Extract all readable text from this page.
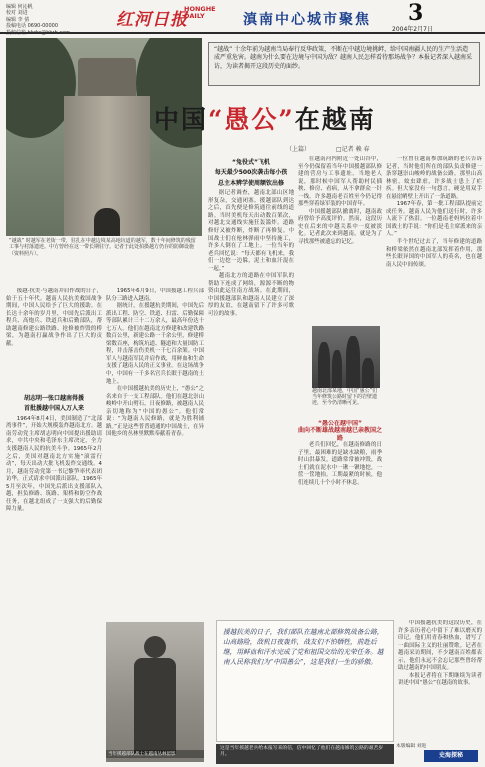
编辑 何沁帆
校对 刘进
编辑 李 倩
投稿电话 0690-00000
投稿信箱 hhdw@hhrb.com
红河日报
HONGHE
DAILY	滇南中心城市聚焦 3
2004年2月7日
“越战” 时越军在老街一带，驻扎在中越边境某高地坑道的越军，数十年间修筑的残留工事与村落遗迹。中方曾经在这一带长期驻守。记者于此处拍摄越方仍存的防御设施（资料照片）。
“越战” 十余年前为越南当局奉行反华政策，不断在中越边境挑衅，给中国南疆人民的生产生活造成严重危害。越南为什么要在边境与中国为敌？越南人民怎样看待那场战争？本报记者深入越南采访，为读者揭开这段历史的面纱。
中国“愚公”在越南
（上篇）	□记者 赖 春

援越·抗美·与越南并肩作战的日子，始于五十年代。越南人民抗美救国战争期间，中国人民给予了巨大的援助。在长达十余年的岁月里，中国先后派出工程兵、高炮兵、铁道兵和后勤部队，帮助越南修建公路铁路、抢修被炸毁的桥梁，为越南打赢战争作出了巨大的贡献。

胡志明一张口越南得援
首批援越中国人万人来

1964年8月4日，美国制造了“北部湾事件”，开始大规模轰炸越南北方。越南劳动党主席胡志明向中国提出援助请求，中共中央和毛泽东主席决定，全力支援越南人民的抗美斗争。1965年2月之后，美国对越南北方实施“滚雷行动”，每天出动大批飞机轰炸交通线。4月，越南劳动党第一书记黎笋率代表团访华，正式请求中国派出部队。1965年5月至次年，中国先后派出支援部队入越，担负修路、筑路、架桥和防空作战任务，在越北组成了一支强大的后勤保障力量。

1965年6月9日，中国援越工程兵部队分三路进入越南。

据统计，在援越抗美期间，中国先后派出工程、防空、铁道、扫雷、后勤保障等部队累计三十二万余人，最高年份达十七万人。他们在越南北方修建和改建铁路数百公里，新建公路一千余公里，修建桥梁数百座，构筑坑道、隧道和大量国防工程，并击落击伤美机一千七百余架。中国军人与越南军民并肩作战，用鲜血和生命支援了越南人民的正义事业。在这场战争中，中国有一千多名官兵长眠于越南的土地上。

在中国援越抗美的历史上，“愚公”之名来自于一支工程部队。他们在越北崇山峻岭中开山劈石，日夜修路，被越南人民亲切地称为“中国的愚公”。他们常说：“为越南人民修路，就是为胜利铺路。”正是这些普普通通的中国战士，在异国他乡的丛林里默默奉献着青春。

“兔役式”飞机
每天最少500次袭击每小孩
总主本辨学使周额钦出修

据记者调查，越南北部山区地形复杂，交通闭塞。援越部队到达之后，首先便是修筑通往前线的道路。当时美机每天出动数百架次，对越北交通线实施狂轰滥炸。道路修好又被炸断，炸断了再修复。中国战士们在枪林弹雨中坚持施工，许多人倒在了工地上。一位当年的老兵回忆说：“每天都有飞机来，我们一边挖一边躲，泥土和血汗混在一起。”

越南北方的道路在中国军队的帮助下连成了网络，源源不断的物资由此运往南方战场。在此期间，中国援越部队和越南人民建立了深厚的友谊，在越南留下了许多可歌可泣的故事。

在越南河内附近一处山谷中，至今仍保留着当年中国援越部队修建的营房与工事遗址。当地老人说，那时候中国军人帮助村民插秧、修房、看病，从不拿群众一针一线。许多越南老百姓至今仍记得那些穿着绿军装的中国青年。

中国援越部队撤离时，越南政府曾给予高度评价。然而，这段历史在后来的中越关系中一度被淡化。记者此次来到越南，就是为了寻找那些被遗忘的记忆。

越南北部某地，中国“愚公”们当年修筑公路时留下的岩壁遗迹，至今仍清晰可见。
“愚公在越中国”
曲向不断雄战越南越已亲教国之路

老兵们回忆，在越南修路的日子里，最困难的是缺水缺粮，雨季时山洪暴发，道路常常被冲毁，战士们就在泥水中一锹一锹地挖，一筐一筐地抬。工期最紧的时候，他们连续几十个小时不休息。

一位曾在越南参加筑路的老兵告诉记者，当时他们所在的部队负责修建一条穿越崇山峻岭的战备公路。那里山高林密，蚊虫肆虐，许多战士患上了疟疾。但大家没有一句怨言，硬是用双手在悬崖峭壁上开出了一条道路。

1967年春，第一批工程部队提前完成任务。越南人民为他们送行时，许多人流下了热泪。一位越南老妈妈拉着中国战士的手说：“你们是毛主席派来的亲人。”

半个世纪过去了，当年修建的道路和桥梁依然在越南北部发挥着作用，那些长眠异国的中国军人的英名，也在越南人民中间传颂。

中国援越抗美的这段历史，在许多亲历者心中留下了难以磨灭的印记。他们用青春和热血，谱写了一曲国际主义的壮丽赞歌。记者在越南采访期间，不少越南百姓都表示，他们永远不会忘记那些曾经帮助过越南的中国朋友。

本报记者将在下期继续为读者讲述中国“愚公”在越南的故事。

当年援越部队战士在越南丛林留影
援越抗美的日子，我们部队在越南北部修筑战备公路，山高路险，敌机日夜轰炸，战友们不怕牺牲，前赴后继，用鲜血和汗水完成了党和祖国交给的光荣任务。越南人民称我们为“中国愚公”，这是我们一生的骄傲。
这是当年援越老兵给本报写来的信，信中回忆了他们在越南修筑公路的艰苦岁月。
本版编辑 刘进
史海探秘
